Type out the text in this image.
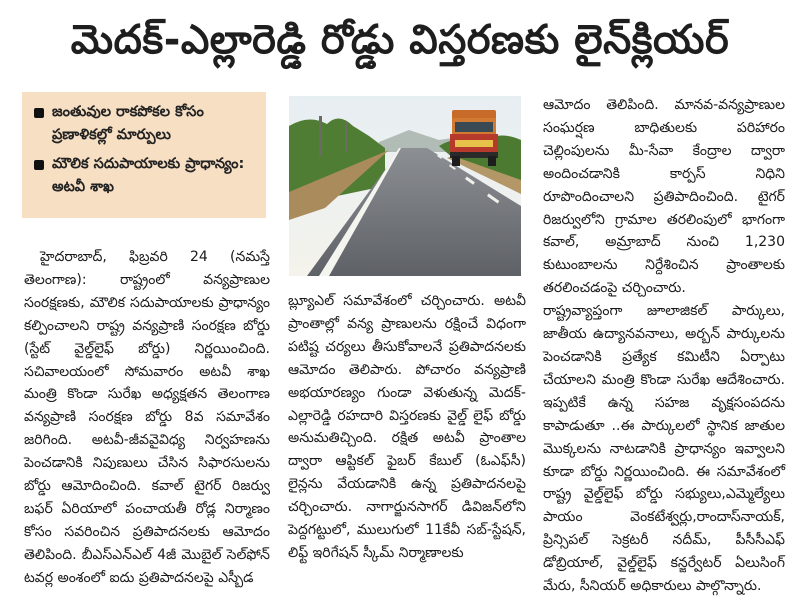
మెదక్‌-ఎల్లారెడ్డి రోడ్డు విస్తరణకు లైన్‌క్లియర్‌
జంతువుల రాకపోకల కోసం ప్రణాళికల్లో మార్పులు
మౌలిక సదుపాయాలకు ప్రాధాన్యం: అటవీ శాఖ

హైదరాబాద్‌, ఫిబ్రవరి 24 (నమస్తే తెలంగాణ): రాష్ట్రంలో వన్యప్రాణుల సంరక్షణకు, మౌలిక సదుపాయాలకు ప్రాధాన్యం కల్పించాలని రాష్ట్ర వన్యప్రాణి సంరక్షణ బోర్డు (స్టేట్‌ వైల్డ్‌లైఫ్‌ బోర్డు) నిర్ణయించింది. సచివాలయంలో సోమవారం అటవీ శాఖ మంత్రి కొండా సురేఖ అధ్యక్షతన తెలంగాణ వన్యప్రాణి సంరక్షణ బోర్డు 8వ సమావేశం జరిగింది. అటవీ-జీవవైవిధ్య నిర్వహణను పెంచడానికి నిపుణులు చేసిన సిఫారసులను బోర్డు ఆమోదించింది. కవాల్‌ టైగర్‌ రిజర్వు బఫర్‌ ఏరియాలో పంచాయతీ రోడ్ల నిర్మాణం కోసం సవరించిన ప్రతిపాదనలకు ఆమోదం తెలిపింది. బీఎస్‌ఎన్‌ఎల్‌ 4జీ మొబైల్‌ సెల్‌ఫోన్‌ టవర్ల అంశంలో ఐదు ప్రతిపాదనలపై ఎస్బీడ

బ్ల్యూఎల్‌ సమావేశంలో చర్చించారు. అటవీ ప్రాంతాల్లో వన్య ప్రాణులను రక్షించే విధంగా పటిష్ట చర్యలు తీసుకోవాలనే ప్రతిపాదనలకు ఆమోదం తెలిపారు. పోచారం వన్యప్రాణి అభయారణ్యం గుండా వెళుతున్న మెదక్‌-ఎల్లారెడ్డి రహదారి విస్తరణకు వైల్డ్‌ లైఫ్‌ బోర్డు అనుమతిచ్చింది. రక్షిత అటవీ ప్రాంతాల ద్వారా ఆప్టికల్‌ ఫైబర్‌ కేబుల్‌ (ఓఎఫ్‌సీ) లైన్లను వేయడానికి ఉన్న ప్రతిపాదనలపై చర్చించారు. నాగార్జునసాగర్‌ డివిజన్‌లోని పెద్దగట్టులో, ములుగులో 11కేవీ సబ్‌-స్టేషన్‌, లిఫ్ట్‌ ఇరిగేషన్‌ స్కీమ్‌ నిర్మాణాలకు

ఆమోదం తెలిపింది. మానవ-వన్యప్రాణుల సంఘర్షణ బాధితులకు పరిహారం చెల్లింపులను మీ-సేవా కేంద్రాల ద్వారా అందించడానికి కార్పస్‌ నిధిని రూపొందించాలని ప్రతిపాదించింది. టైగర్‌ రిజర్వులోని గ్రామాల తరలింపులో భాగంగా కవాల్‌, అమ్రాబాద్‌ నుంచి 1,230 కుటుంబాలను నిర్దేశించిన ప్రాంతాలకు తరలించడంపై చర్చించారు.

రాష్ట్రవ్యాప్తంగా జూలాజికల్‌ పార్కులు, జాతీయ ఉద్యానవనాలు, అర్బన్‌ పార్కులను పెంచడానికి ప్రత్యేక కమిటీని ఏర్పాటు చేయాలని మంత్రి కొండా సురేఖ ఆదేశించారు. ఇప్పటికే ఉన్న సహజ వృక్షసంపదను కాపాడుతూ ..ఈ పార్కులలో స్థానిక జాతుల మొక్కలను నాటడానికి ప్రాధాన్యం ఇవ్వాలని కూడా బోర్డు నిర్ణయించింది. ఈ సమావేశంలో రాష్ట్ర వైల్డ్‌లైఫ్‌ బోర్డు సభ్యులు,ఎమ్మెల్యేలు పాయం వెంకటేశ్వర్లు,రాందాస్‌నాయక్‌, ప్రిన్సిపల్‌ సెక్రటరీ నదీమ్‌, పీసీసీఎఫ్‌ డోబ్రియాల్‌, వైల్డ్‌లైఫ్‌ కన్జర్వేటర్‌ ఏలుసింగ్‌ మేరు, సీనియర్‌ అధికారులు పాల్గొన్నారు.
